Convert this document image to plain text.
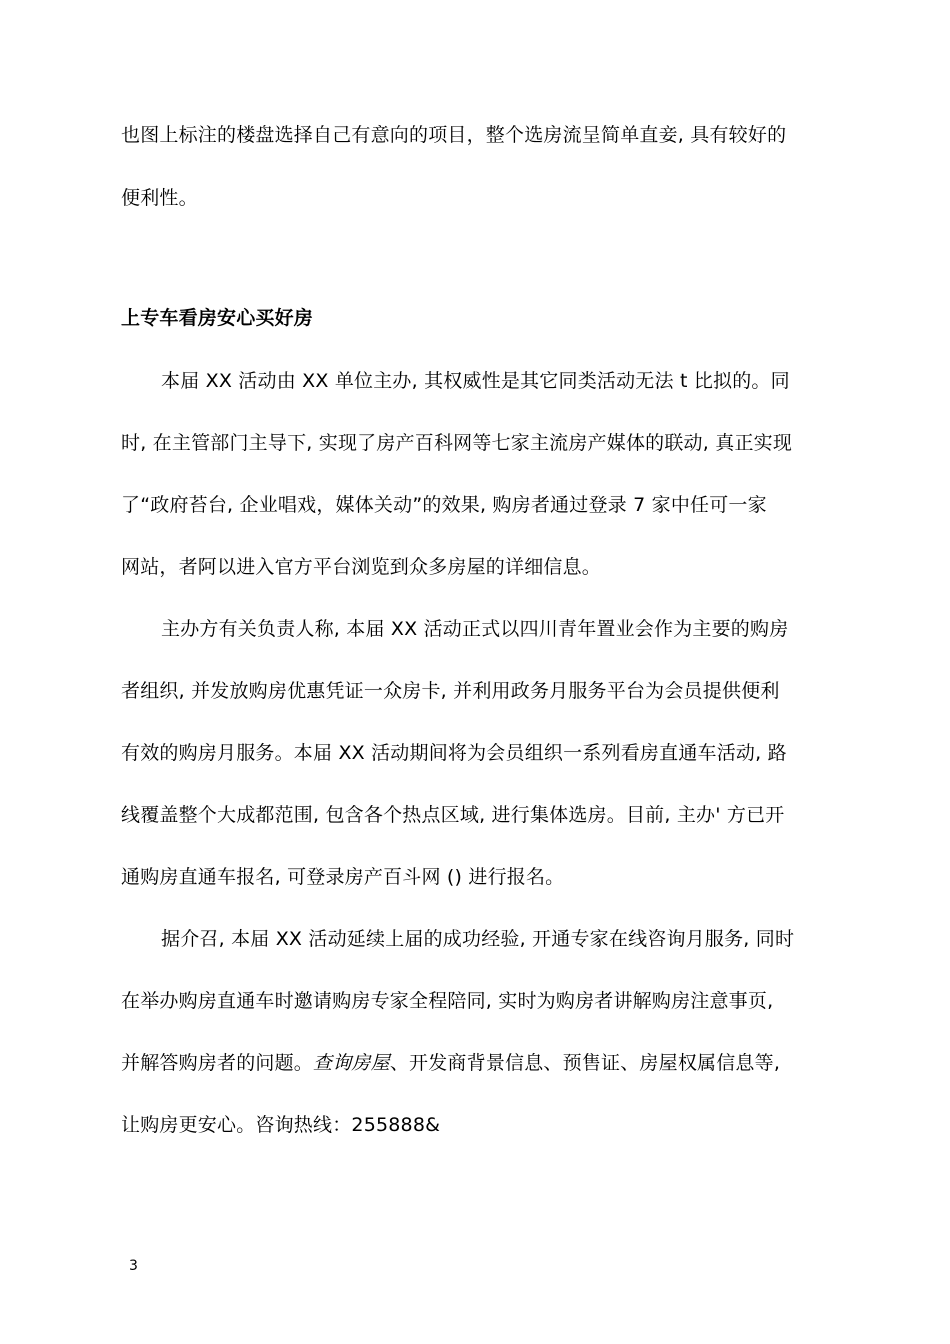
也图上标注的楼盘选择自己有意向的项目，整个选房流呈简单直妾, 具有较好的
便利性。
上专车看房安心买好房
本届 XX 活动由 XX 单位主办, 其权威性是其它同类活动无法 t 比拟的。同
时, 在主管部门主导下, 实现了房产百科网等七家主流房产媒体的联动, 真正实现
了“政府苔台, 企业唱戏，媒体关动”的效果, 购房者通过登录 7 家中任可一家
网站，者阿以进入官方平台浏览到众多房屋的详细信息。
主办方有关负责人称, 本届 XX 活动正式以四川青年置业会作为主要的购房
者组织, 并发放购房优惠凭证一众房卡, 并利用政务月服务平台为会员提供便利
有效的购房月服务。本届 XX 活动期间将为会员组织一系列看房直通车活动, 路
线覆盖整个大成都范围, 包含各个热点区域, 进行集体选房。目前, 主办' 方已开
通购房直通车报名, 可登录房产百斗网 () 进行报名。
据介召, 本届 XX 活动延续上届的成功经验, 开通专家在线咨询月服务, 同时
在举办购房直通车时邀请购房专家全程陪同, 实时为购房者讲解购房注意事页,
并解答购房者的问题。查询房屋、开发商背景信息、预售证、房屋权属信息等,
让购房更安心。咨询热线：255888&
3
